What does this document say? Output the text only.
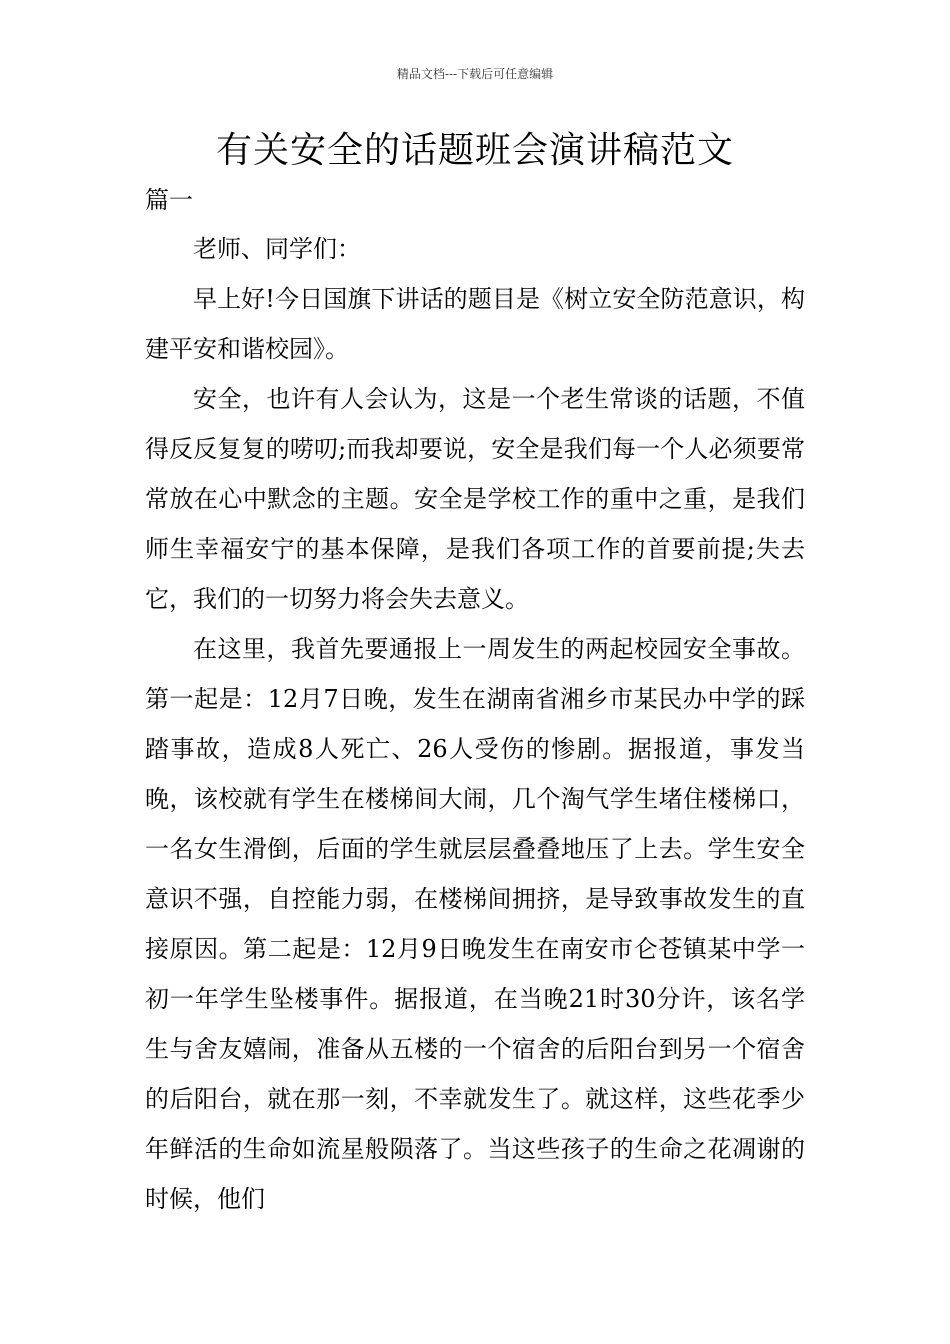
精品文档---下载后可任意编辑
有关安全的话题班会演讲稿范文
篇一

老师、同学们：

早上好!今日国旗下讲话的题目是《树立安全防范意识，构建平安和谐校园》。

安全，也许有人会认为，这是一个老生常谈的话题，不值得反反复复的唠叨;而我却要说，安全是我们每一个人必须要常常放在心中默念的主题。安全是学校工作的重中之重，是我们师生幸福安宁的基本保障，是我们各项工作的首要前提;失去它，我们的一切努力将会失去意义。

在这里，我首先要通报上一周发生的两起校园安全事故。第一起是：12月7日晚，发生在湖南省湘乡市某民办中学的踩踏事故，造成8人死亡、26人受伤的惨剧。据报道，事发当晚，该校就有学生在楼梯间大闹，几个淘气学生堵住楼梯口，一名女生滑倒，后面的学生就层层叠叠地压了上去。学生安全意识不强，自控能力弱，在楼梯间拥挤，是导致事故发生的直接原因。第二起是：12月9日晚发生在南安市仑苍镇某中学一初一年学生坠楼事件。据报道，在当晚21时30分许，该名学生与舍友嬉闹，准备从五楼的一个宿舍的后阳台到另一个宿舍的后阳台，就在那一刻，不幸就发生了。就这样，这些花季少年鲜活的生命如流星般陨落了。当这些孩子的生命之花凋谢的时候，他们
